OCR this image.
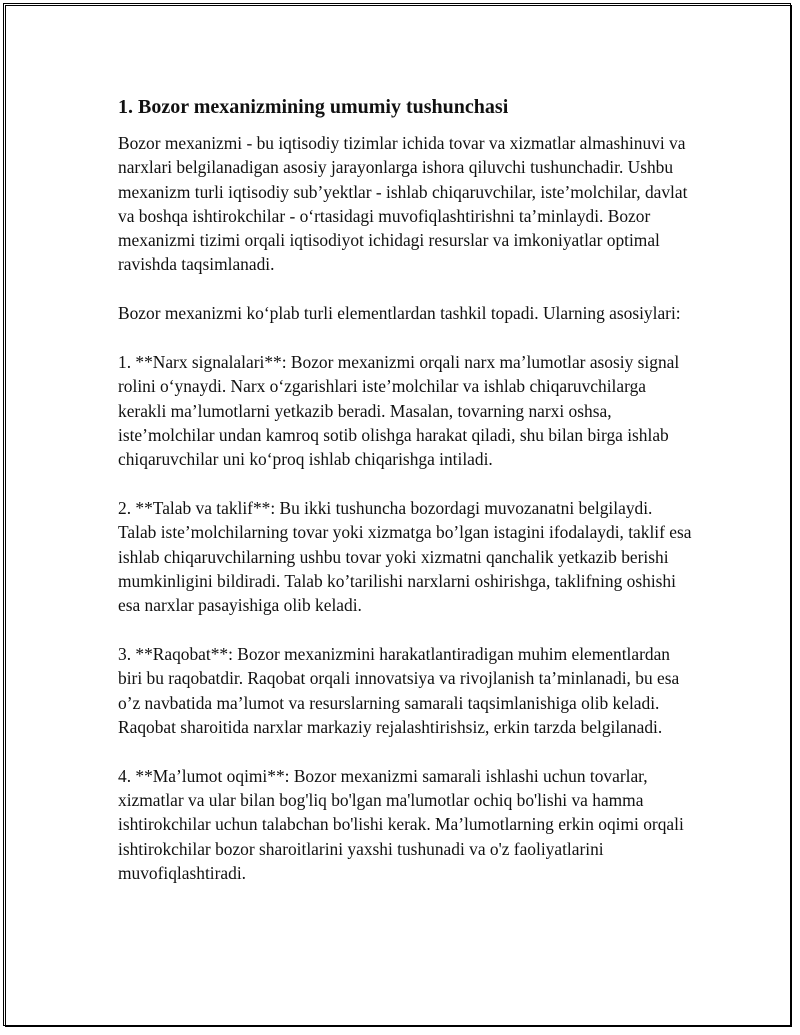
1. Bozor mexanizmining umumiy tushunchasi

Bozor mexanizmi - bu iqtisodiy tizimlar ichida tovar va xizmatlar almashinuvi va narxlari belgilanadigan asosiy jarayonlarga ishora qiluvchi tushunchadir. Ushbu mexanizm turli iqtisodiy sub’yektlar - ishlab chiqaruvchilar, iste’molchilar, davlat va boshqa ishtirokchilar - o‘rtasidagi muvofiqlashtirishni ta’minlaydi. Bozor mexanizmi tizimi orqali iqtisodiyot ichidagi resurslar va imkoniyatlar optimal ravishda taqsimlanadi.

Bozor mexanizmi ko‘plab turli elementlardan tashkil topadi. Ularning asosiylari:

1. **Narx signalalari**: Bozor mexanizmi orqali narx ma’lumotlar asosiy signal rolini o‘ynaydi. Narx o‘zgarishlari iste’molchilar va ishlab chiqaruvchilarga kerakli ma’lumotlarni yetkazib beradi. Masalan, tovarning narxi oshsa, iste’molchilar undan kamroq sotib olishga harakat qiladi, shu bilan birga ishlab chiqaruvchilar uni ko‘proq ishlab chiqarishga intiladi.

2. **Talab va taklif**: Bu ikki tushuncha bozordagi muvozanatni belgilaydi. Talab iste’molchilarning tovar yoki xizmatga bo’lgan istagini ifodalaydi, taklif esa ishlab chiqaruvchilarning ushbu tovar yoki xizmatni qanchalik yetkazib berishi mumkinligini bildiradi. Talab ko’tarilishi narxlarni oshirishga, taklifning oshishi esa narxlar pasayishiga olib keladi.

3. **Raqobat**: Bozor mexanizmini harakatlantiradigan muhim elementlardan biri bu raqobatdir. Raqobat orqali innovatsiya va rivojlanish ta’minlanadi, bu esa o’z navbatida ma’lumot va resurslarning samarali taqsimlanishiga olib keladi. Raqobat sharoitida narxlar markaziy rejalashtirishsiz, erkin tarzda belgilanadi.

4. **Ma’lumot oqimi**: Bozor mexanizmi samarali ishlashi uchun tovarlar, xizmatlar va ular bilan bog'liq bo'lgan ma'lumotlar ochiq bo'lishi va hamma ishtirokchilar uchun talabchan bo'lishi kerak. Ma’lumotlarning erkin oqimi orqali ishtirokchilar bozor sharoitlarini yaxshi tushunadi va o'z faoliyatlarini muvofiqlashtiradi.
